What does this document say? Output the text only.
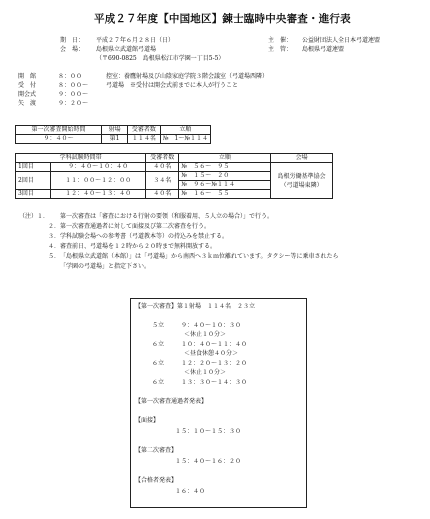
平成２７年度【中国地区】錬士臨時中央審査・進行表
期　日： 平成２７年６月２８日（日）
会　場： 島根県立武道館弓道場
（〒690-0825　島根県松江市学園一丁目5-5）
主　催： 公益財団法人全日本弓道連盟
主　管： 島根県弓道連盟
開　館	８：００	控室：養鷹射場及び山陰家庭学院３階会議室（弓道場西隣）
受　付	８：００～	弓道場　※受付は開会式前までに本人が行うこと
開会式	９：００～
矢　渡	９：２０～
第一次審査開始時間	射場	受審者数	立順	
９：４０～	第1	１１４名	№	1～№１１４
学科試験時間帯		受審者数	立順		会場
1回目	９：４０～１０：４０	４０名	№	５６～　９５	島根労働基準協会
（弓道場東隣）

2回目	１１：００～１２：００	３４名	№	１５～　２０	
			№	９６～№１１４	
3回目	１２：４０～１３：４０	４０名	№	１６～　５５	
（注）１． 第一次審査は「審査における行射の要領（和服着用、５人立の場合）」で行う。
２． 第一次審査通過者に対して面接及び第二次審査を行う。
３． 学科試験会場への参考書（弓道教本等）の持込みを禁止する。
４． 審査前日、弓道場を１２時から２０時まで無料開放する。
５． 「島根県立武道館（本館）」は「弓道場」から南西へ３ｋｍ位離れています。タクシー等に乗車されたら
「学園の弓道場」と指定下さい。
【第一次審査】第１射場　１１４名　２３立
５立	９：４０～１０：３０
＜休止１０分＞
６立	１０：４０～１１：４０
＜昼食休憩４０分＞
６立	１２：２０～１３：２０
＜休止１０分＞
６立	１３：３０～１４：３０
【第一次審査通過者発表】
【面接】
１５：１０～１５：３０
【第二次審査】
１５：４０～１６：２０
【合格者発表】
１６：４０
